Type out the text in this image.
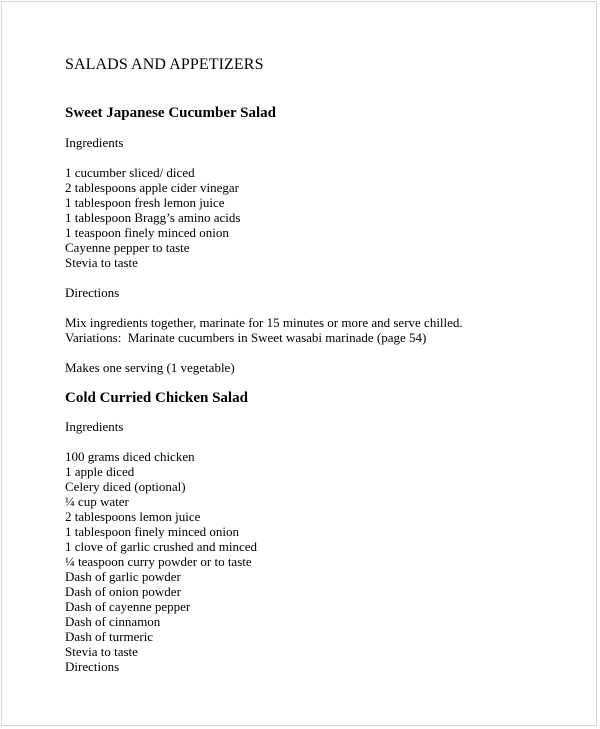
SALADS AND APPETIZERS
Sweet Japanese Cucumber Salad

Ingredients

1 cucumber sliced/ diced
2 tablespoons apple cider vinegar
1 tablespoon fresh lemon juice
1 tablespoon Bragg’s amino acids
1 teaspoon finely minced onion
Cayenne pepper to taste
Stevia to taste

Directions

Mix ingredients together, marinate for 15 minutes or more and serve chilled.

Variations:  Marinate cucumbers in Sweet wasabi marinade (page 54)

Makes one serving (1 vegetable)

Cold Curried Chicken Salad

Ingredients

100 grams diced chicken
1 apple diced
Celery diced (optional)
¼ cup water
2 tablespoons lemon juice
1 tablespoon finely minced onion
1 clove of garlic crushed and minced
¼ teaspoon curry powder or to taste
Dash of garlic powder
Dash of onion powder
Dash of cayenne pepper
Dash of cinnamon
Dash of turmeric
Stevia to taste

Directions
